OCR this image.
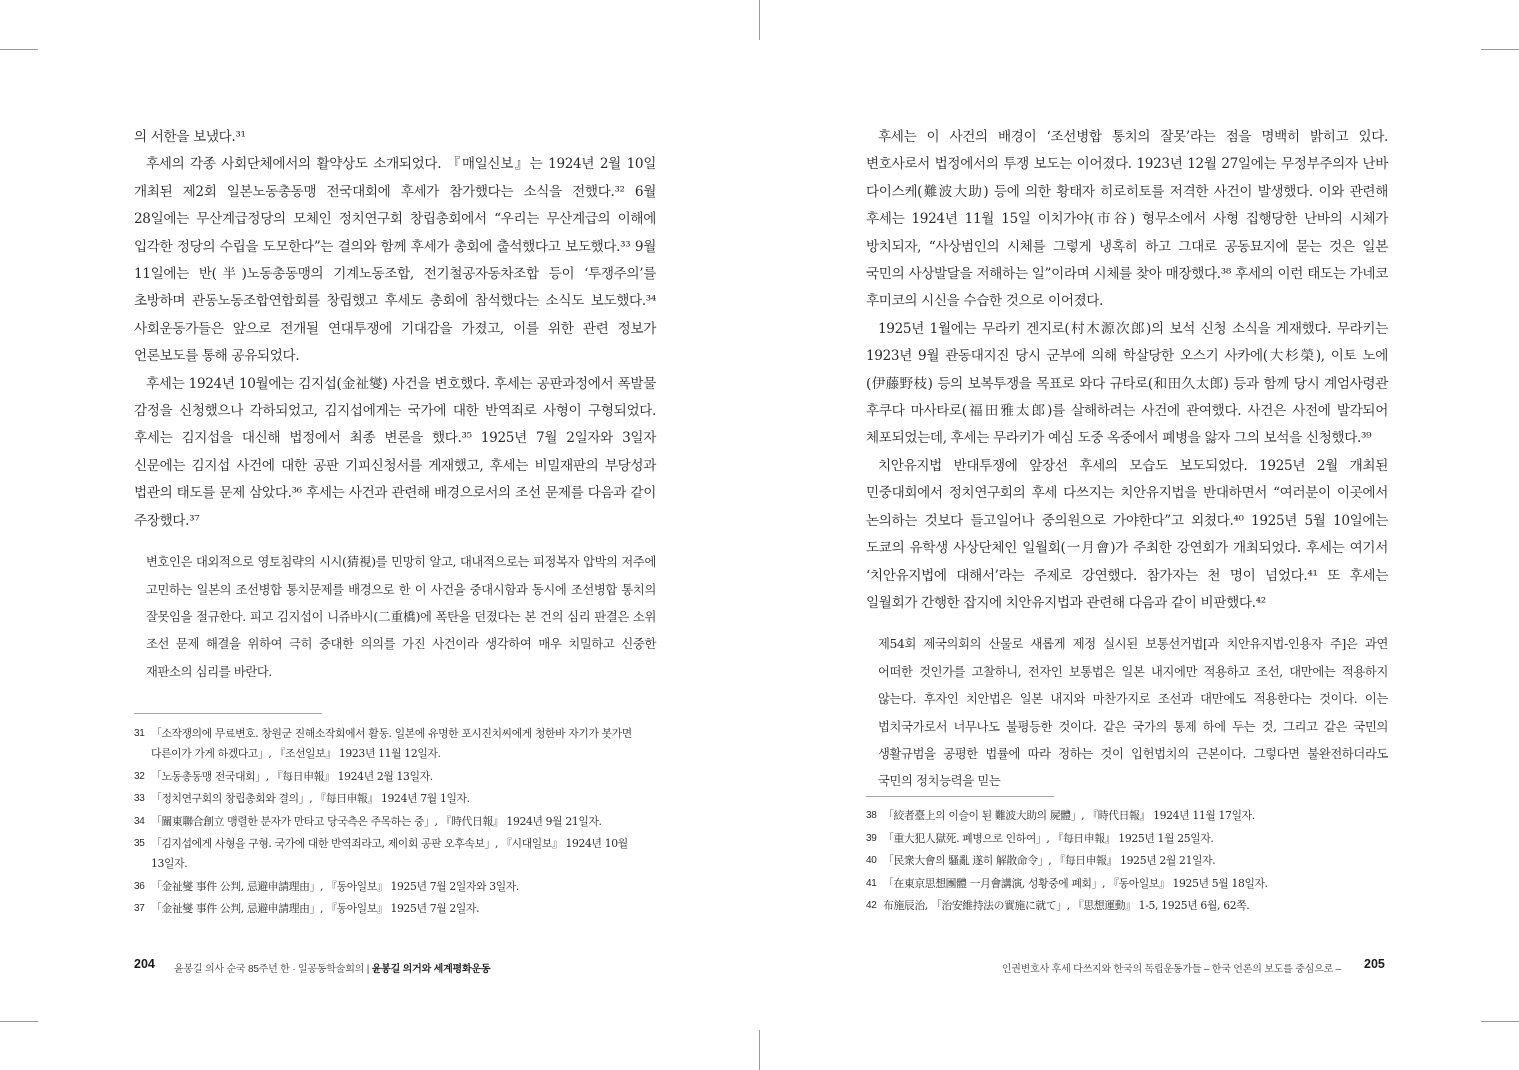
의 서한을 보냈다.³¹

후세의 각종 사회단체에서의 활약상도 소개되었다. 『매일신보』는 1924년 2월 10일 개최된 제2회 일본노동총동맹 전국대회에 후세가 참가했다는 소식을 전했다.³² 6월 28일에는 무산계급정당의 모체인 정치연구회 창립총회에서 “우리는 무산계급의 이해에 입각한 정당의 수립을 도모한다”는 결의와 함께 후세가 총회에 출석했다고 보도했다.³³ 9월 11일에는 반(半)노동총동맹의 기계노동조합, 전기철공자동차조합 등이 ‘투쟁주의’를 초방하며 관동노동조합연합회를 창립했고 후세도 총회에 참석했다는 소식도 보도했다.³⁴ 사회운동가들은 앞으로 전개될 연대투쟁에 기대감을 가졌고, 이를 위한 관련 정보가 언론보도를 통해 공유되었다.

후세는 1924년 10월에는 김지섭(金祉燮) 사건을 변호했다. 후세는 공판과정에서 폭발물 감정을 신청했으나 각하되었고, 김지섭에게는 국가에 대한 반역죄로 사형이 구형되었다. 후세는 김지섭을 대신해 법정에서 최종 변론을 했다.³⁵ 1925년 7월 2일자와 3일자 신문에는 김지섭 사건에 대한 공판 기피신청서를 게재했고, 후세는 비밀재판의 부당성과 법관의 태도를 문제 삼았다.³⁶ 후세는 사건과 관련해 배경으로서의 조선 문제를 다음과 같이 주장했다.³⁷

변호인은 대외적으로 영토침략의 시시(猜視)를 민망히 알고, 대내적으로는 피정복자 압박의 저주에 고민하는 일본의 조선병합 통치문제를 배경으로 한 이 사건을 중대시함과 동시에 조선병합 통치의 잘못임을 절규한다. 피고 김지섭이 니쥬바시(二重橋)에 폭탄을 던졌다는 본 건의 심리 판결은 소위 조선 문제 해결을 위하여 극히 중대한 의의를 가진 사건이라 생각하여 매우 치밀하고 신중한 재판소의 심리를 바란다.

31 「소작쟁의에 무료변호. 창원군 진해소작회에서 활동. 일본에 유명한 포시진치씨에게 청한바 자기가 봇가면 다른이가 가게 하겠다고」, 『조선일보』 1923년 11월 12일자.
32 「노동총동맹 전국대회」, 『每日申報』 1924년 2월 13일자.
33 「정치연구회의 창립총회와 결의」, 『每日申報』 1924년 7월 1일자.
34 「關東聯合創立 맹렬한 분자가 만타고 당국측은 주목하는 중」, 『時代日報』 1924년 9월 21일자.
35 「김지섭에게 사형을 구형. 국가에 대한 반역죄라고, 제이회 공판 오후속보」, 『시대일보』 1924년 10월 13일자.
36 「金祉燮 事件 公判, 忌避申請理由」, 『동아일보』 1925년 7월 2일자와 3일자.
37 「金祉燮 事件 公判, 忌避申請理由」, 『동아일보』 1925년 7월 2일자.
204 윤봉길 의사 순국 85주년 한 · 일공동학술회의 | 윤봉길 의거와 세계평화운동

후세는 이 사건의 배경이 ‘조선병합 통치의 잘못’라는 점을 명백히 밝히고 있다. 변호사로서 법정에서의 투쟁 보도는 이어졌다. 1923년 12월 27일에는 무정부주의자 난바 다이스케(難波大助) 등에 의한 황태자 히로히토를 저격한 사건이 발생했다. 이와 관련해 후세는 1924년 11월 15일 이치가야(市谷) 형무소에서 사형 집행당한 난바의 시체가 방치되자, “사상범인의 시체를 그렇게 냉혹히 하고 그대로 공동묘지에 묻는 것은 일본 국민의 사상발달을 저해하는 일”이라며 시체를 찾아 매장했다.³⁸ 후세의 이런 태도는 가네코 후미코의 시신을 수습한 것으로 이어졌다.

1925년 1월에는 무라키 겐지로(村木源次郎)의 보석 신청 소식을 게재했다. 무라키는 1923년 9월 관동대지진 당시 군부에 의해 학살당한 오스기 사카에(大杉榮), 이토 노에(伊藤野枝) 등의 보복투쟁을 목표로 와다 규타로(和田久太郎) 등과 함께 당시 계엄사령관 후쿠다 마사타로(福田雅太郎)를 살해하려는 사건에 관여했다. 사건은 사전에 발각되어 체포되었는데, 후세는 무라키가 예심 도중 옥중에서 폐병을 앓자 그의 보석을 신청했다.³⁹

치안유지법 반대투쟁에 앞장선 후세의 모습도 보도되었다. 1925년 2월 개최된 민중대회에서 정치연구회의 후세 다쓰지는 치안유지법을 반대하면서 “여러분이 이곳에서 논의하는 것보다 들고일어나 중의원으로 가야한다”고 외쳤다.⁴⁰ 1925년 5월 10일에는 도쿄의 유학생 사상단체인 일월회(一月會)가 주최한 강연회가 개최되었다. 후세는 여기서 ‘치안유지법에 대해서’라는 주제로 강연했다. 참가자는 천 명이 넘었다.⁴¹ 또 후세는 일월회가 간행한 잡지에 치안유지법과 관련해 다음과 같이 비판했다.⁴²

제54회 제국의회의 산물로 새롭게 제정 실시된 보통선거법[과 치안유지법-인용자 주]은 과연 어떠한 것인가를 고찰하니, 전자인 보통법은 일본 내지에만 적용하고 조선, 대만에는 적용하지 않는다. 후자인 치안법은 일본 내지와 마찬가지로 조선과 대만에도 적용한다는 것이다. 이는 법치국가로서 너무나도 불평등한 것이다. 같은 국가의 통제 하에 두는 것, 그리고 같은 국민의 생활규범을 공평한 법률에 따라 정하는 것이 입헌법치의 근본이다. 그렇다면 불완전하더라도 국민의 정치능력을 믿는

38 「絞者臺上의 이슬이 된 難波大助의 屍體」, 『時代日報』 1924년 11월 17일자.
39 「重大犯人獄死. 폐병으로 인하여」, 『每日申報』 1925년 1월 25일자.
40 「民衆大會의 騷亂 遂히 解散命令」, 『每日申報』 1925년 2월 21일자.
41 「在東京思想團體 一月會講演, 성황중에 폐회」, 『동아일보』 1925년 5월 18일자.
42 布施辰治, 「治安維持法の實施に就て」, 『思想運動』 1-5, 1925년 6월, 62쪽.
인권변호사 후세 다쓰지와 한국의 독립운동가들 – 한국 언론의 보도를 중심으로 – 205
